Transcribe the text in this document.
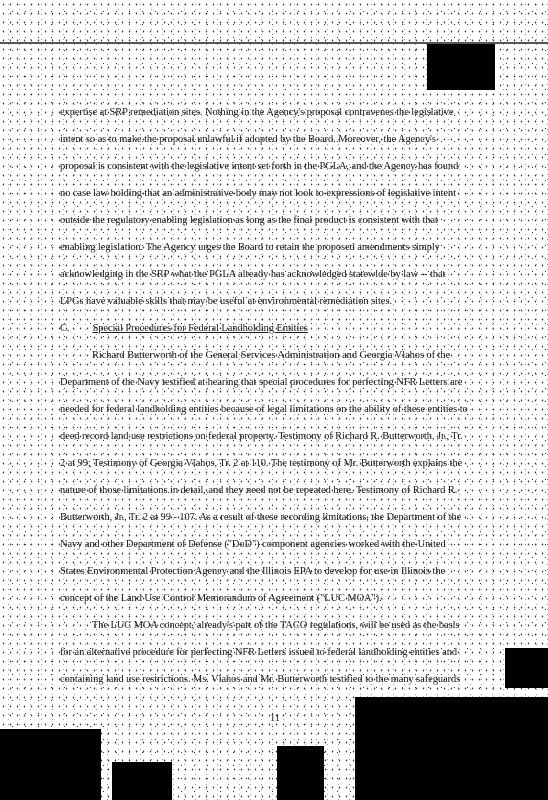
expertise at SRP remediation sites. Nothing in the Agency's proposal contravenes the legislative
intent so as to make the proposal unlawful if adopted by the Board. Moreover, the Agency's
proposal is consistent with the legislative intent set forth in the PGLA, and the Agency has found
no case law holding that an administrative body may not look to expressions of legislative intent
outside the regulatory enabling legislation as long as the final product is consistent with that
enabling legislation. The Agency urges the Board to retain the proposed amendments simply
acknowledging in the SRP what the PGLA already has acknowledged statewide by law -- that
LPGs have valuable skills that may be useful at environmental remediation sites.
C. Special Procedures for Federal Landholding Entities
Richard Butterworth of the General Services Administration and Georgia Vlahos of the
Department of the Navy testified at hearing that special procedures for perfecting NFR Letters are
needed for federal landholding entities because of legal limitations on the ability of these entities to
deed record land use restrictions on federal property. Testimony of Richard R. Butterworth, Jr., Tr.
2 at 99; Testimony of Georgia Vlahos, Tr. 2 at 110. The testimony of Mr. Butterworth explains the
nature of those limitations in detail, and they need not be repeated here. Testimony of Richard R.
Butterworth, Jr., Tr. 2 at 99 - 107. As a result of these recording limitations, the Department of the
Navy and other Department of Defense ("DoD") component agencies worked with the United
States Environmental Protection Agency and the Illinois EPA to develop for use in Illinois the
concept of the Land Use Control Memorandum of Agreement ("LUC MOA").
The LUC MOA concept, already's part of the TACO regulations, will be used as the basis
for an alternative procedure for perfecting NFR Letters issued to federal landholding entities and
containing land use restrictions. Ms. Vlahos and Mr. Butterworth testified to the many safeguards
11
